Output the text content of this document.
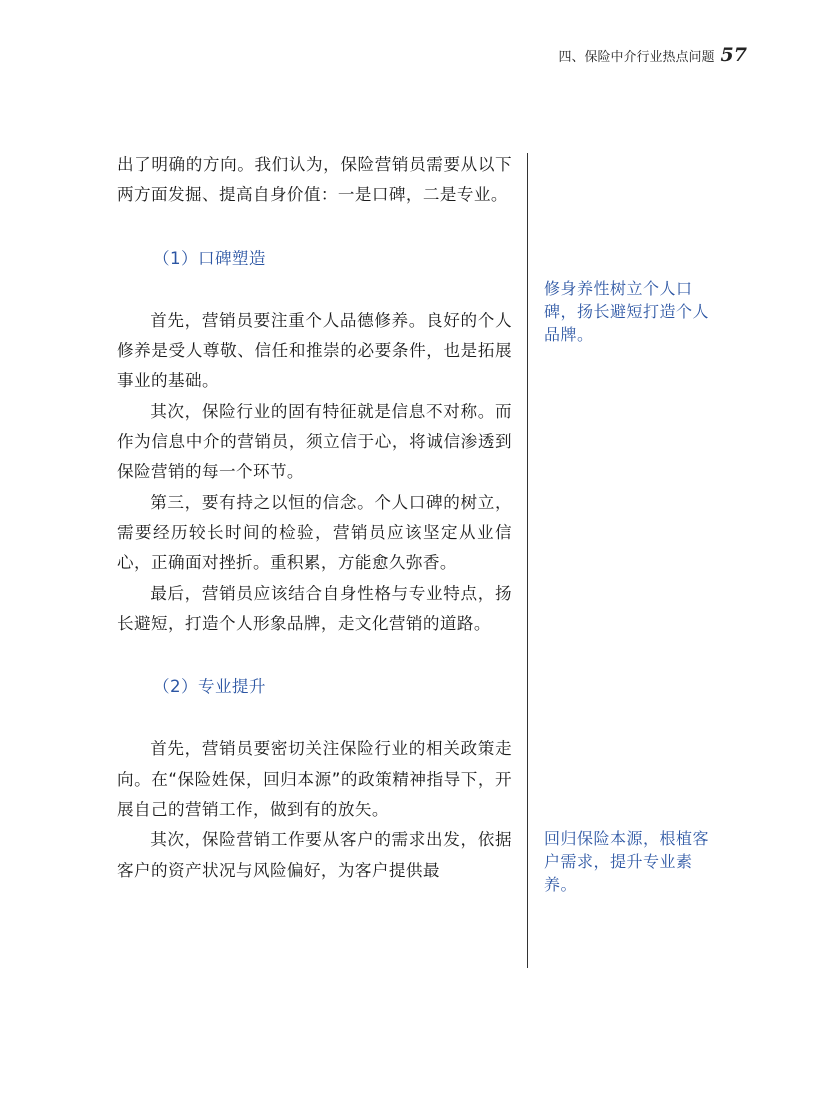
四、保险中介行业热点问题 57

出了明确的方向。我们认为，保险营销员需要从以下两方面发掘、提高自身价值：一是口碑，二是专业。

（1）口碑塑造

首先，营销员要注重个人品德修养。良好的个人修养是受人尊敬、信任和推崇的必要条件，也是拓展事业的基础。

其次，保险行业的固有特征就是信息不对称。而作为信息中介的营销员，须立信于心，将诚信渗透到保险营销的每一个环节。

第三，要有持之以恒的信念。个人口碑的树立，需要经历较长时间的检验，营销员应该坚定从业信心，正确面对挫折。重积累，方能愈久弥香。

最后，营销员应该结合自身性格与专业特点，扬长避短，打造个人形象品牌，走文化营销的道路。

（2）专业提升

首先，营销员要密切关注保险行业的相关政策走向。在“保险姓保，回归本源”的政策精神指导下，开展自己的营销工作，做到有的放矢。

其次，保险营销工作要从客户的需求出发，依据客户的资产状况与风险偏好，为客户提供最

修身养性树立个人口碑，扬长避短打造个人品牌。
回归保险本源，根植客户需求，提升专业素养。
